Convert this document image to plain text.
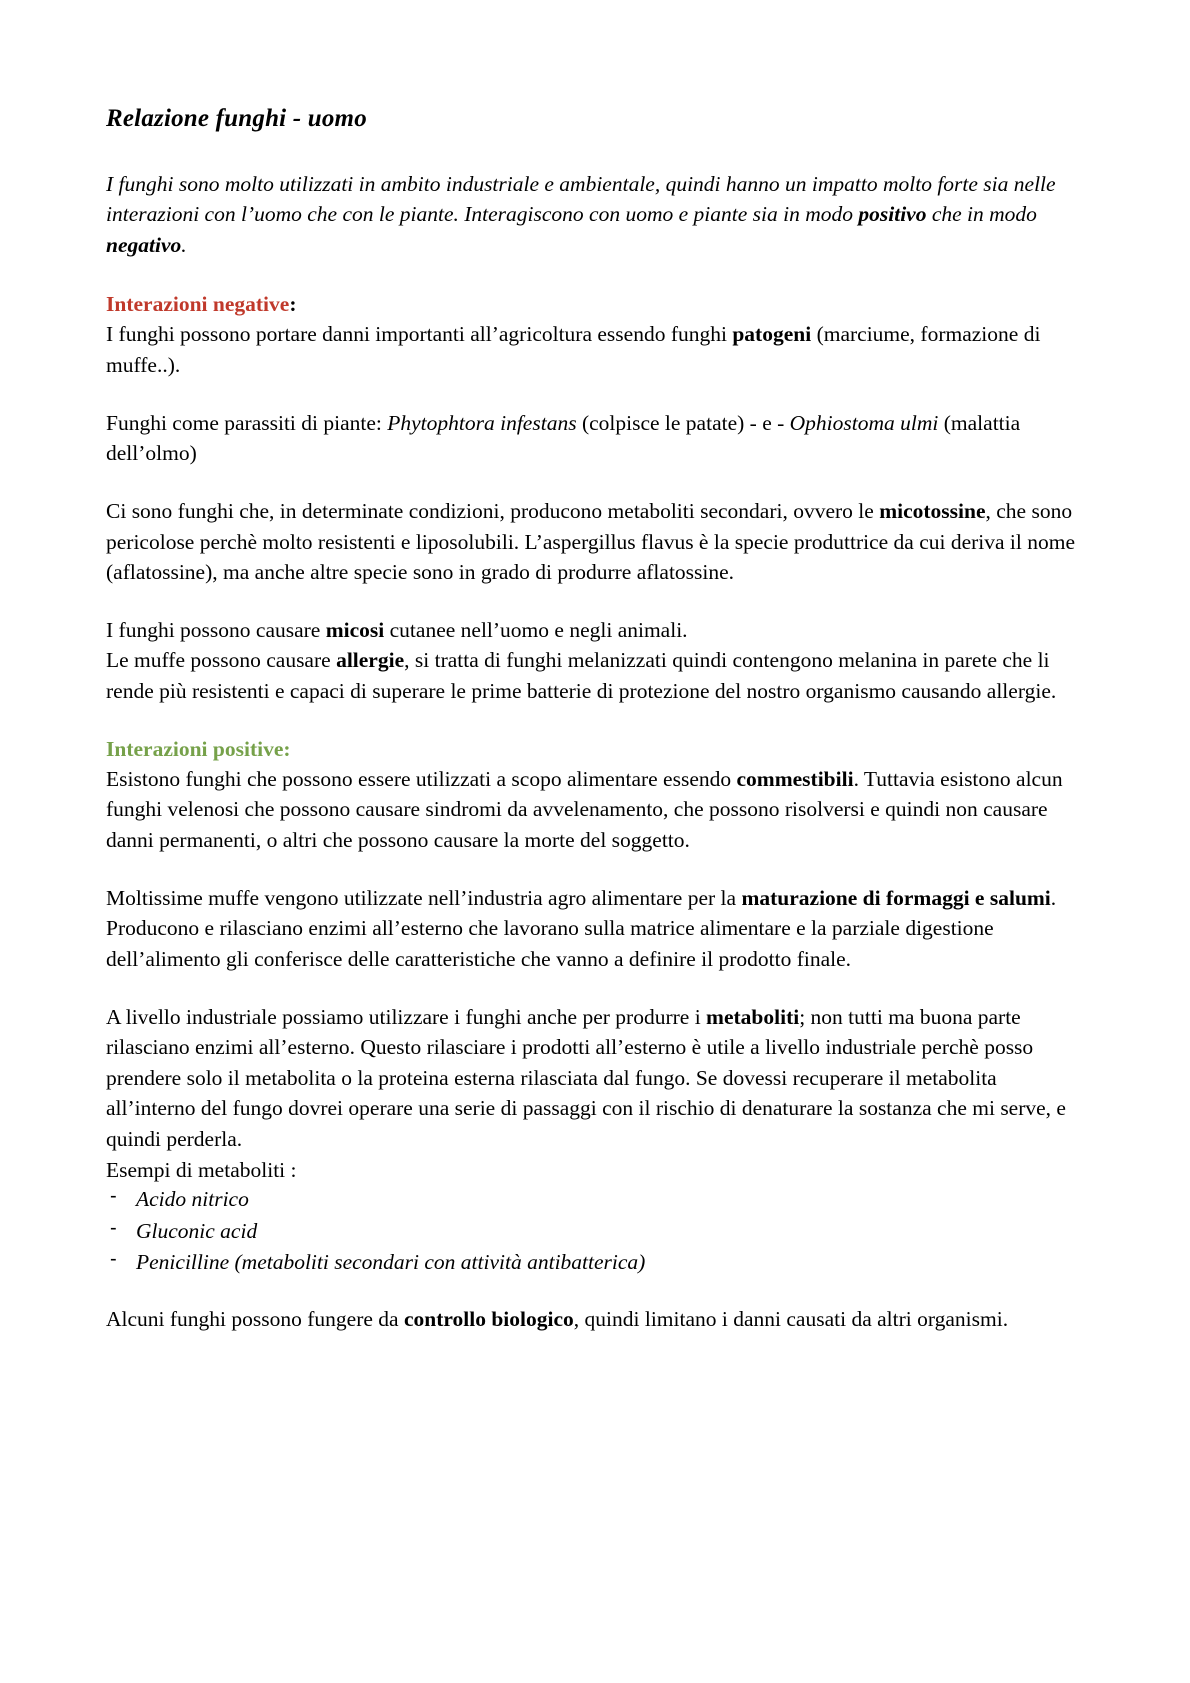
Relazione funghi - uomo

I funghi sono molto utilizzati in ambito industriale e ambientale, quindi hanno un impatto molto forte sia nelle interazioni con l’uomo che con le piante. Interagiscono con uomo e piante sia in modo positivo che in modo negativo.

Interazioni negative:

I funghi possono portare danni importanti all’agricoltura essendo funghi patogeni (marciume, formazione di muffe..).

Funghi come parassiti di piante: Phytophtora infestans (colpisce le patate) - e - Ophiostoma ulmi (malattia dell’olmo)

Ci sono funghi che, in determinate condizioni, producono metaboliti secondari, ovvero le micotossine, che sono pericolose perchè molto resistenti e liposolubili. L’aspergillus flavus è la specie produttrice da cui deriva il nome (aflatossine), ma anche altre specie sono in grado di produrre aflatossine.

I funghi possono causare micosi cutanee nell’uomo e negli animali.

Le muffe possono causare allergie, si tratta di funghi melanizzati quindi contengono melanina in parete che li rende più resistenti e capaci di superare le prime batterie di protezione del nostro organismo causando allergie.

Interazioni positive:

Esistono funghi che possono essere utilizzati a scopo alimentare essendo commestibili. Tuttavia esistono alcun funghi velenosi che possono causare sindromi da avvelenamento, che possono risolversi e quindi non causare danni permanenti, o altri che possono causare la morte del soggetto.

Moltissime muffe vengono utilizzate nell’industria agro alimentare per la maturazione di formaggi e salumi. Producono e rilasciano enzimi all’esterno che lavorano sulla matrice alimentare e la parziale digestione dell’alimento gli conferisce delle caratteristiche che vanno a definire il prodotto finale.

A livello industriale possiamo utilizzare i funghi anche per produrre i metaboliti; non tutti ma buona parte rilasciano enzimi all’esterno. Questo rilasciare i prodotti all’esterno è utile a livello industriale perchè posso prendere solo il metabolita o la proteina esterna rilasciata dal fungo. Se dovessi recuperare il metabolita all’interno del fungo dovrei operare una serie di passaggi con il rischio di denaturare la sostanza che mi serve, e quindi perderla.

Esempi di metaboliti :

- Acido nitrico
- Gluconic acid
- Penicilline (metaboliti secondari con attività antibatterica)

Alcuni funghi possono fungere da controllo biologico, quindi limitano i danni causati da altri organismi.
